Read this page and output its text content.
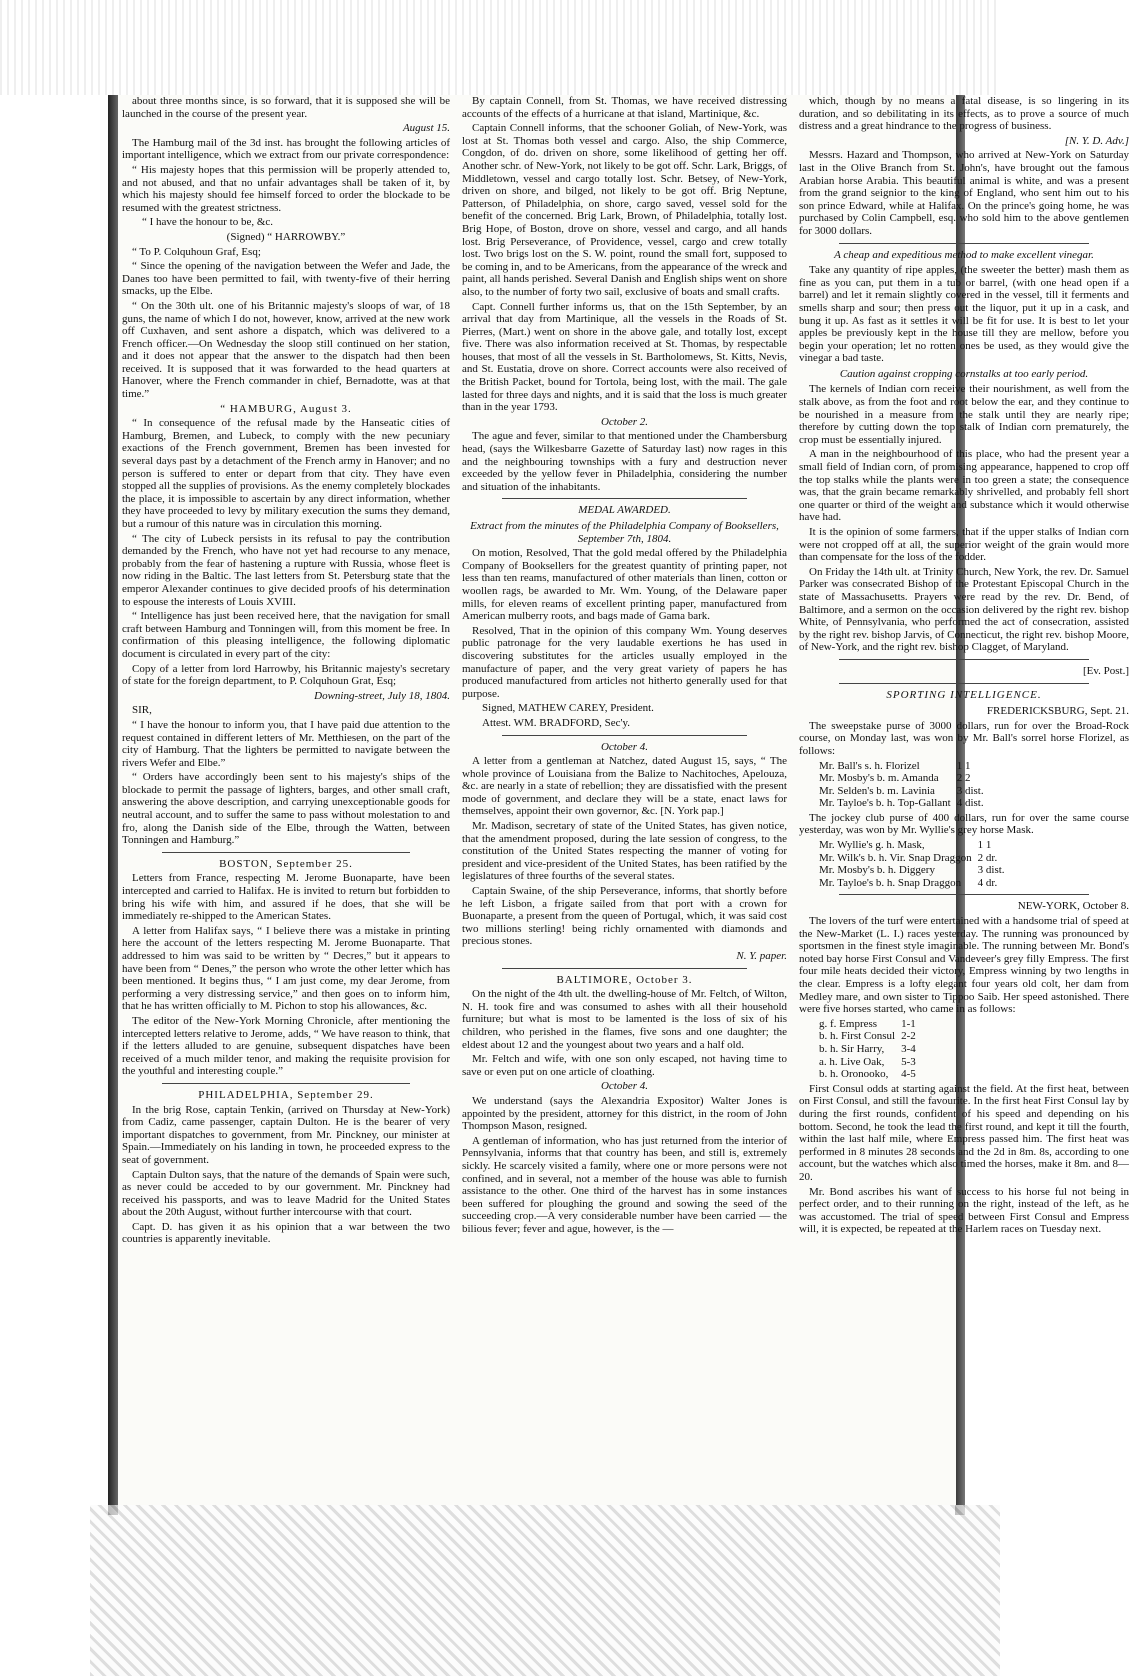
about three months since, is so forward, that it is supposed she will be launched in the course of the present year.

August 15.

The Hamburg mail of the 3d inst. has brought the following articles of important intelligence, which we extract from our private correspondence:

“ His majesty hopes that this permission will be properly attended to, and not abused, and that no unfair advantages shall be taken of it, by which his majesty should fee himself forced to order the blockade to be resumed with the greatest strictness.

“ I have the honour to be, &c.

(Signed) “ HARROWBY.”

“ To P. Colquhoun Graf, Esq;

“ Since the opening of the navigation between the Wefer and Jade, the Danes too have been permitted to fail, with twenty-five of their herring smacks, up the Elbe.

“ On the 30th ult. one of his Britannic majesty's sloops of war, of 18 guns, the name of which I do not, however, know, arrived at the new work off Cuxhaven, and sent ashore a dispatch, which was delivered to a French officer.—On Wednesday the sloop still continued on her station, and it does not appear that the answer to the dispatch had then been received. It is supposed that it was forwarded to the head quarters at Hanover, where the French commander in chief, Bernadotte, was at that time.”

“ HAMBURG, August 3.

“ In consequence of the refusal made by the Hanseatic cities of Hamburg, Bremen, and Lubeck, to comply with the new pecuniary exactions of the French government, Bremen has been invested for several days past by a detachment of the French army in Hanover; and no person is suffered to enter or depart from that city. They have even stopped all the supplies of provisions. As the enemy completely blockades the place, it is impossible to ascertain by any direct information, whether they have proceeded to levy by military execution the sums they demand, but a rumour of this nature was in circulation this morning.

“ The city of Lubeck persists in its refusal to pay the contribution demanded by the French, who have not yet had recourse to any menace, probably from the fear of hastening a rupture with Russia, whose fleet is now riding in the Baltic. The last letters from St. Petersburg state that the emperor Alexander continues to give decided proofs of his determination to espouse the interests of Louis XVIII.

“ Intelligence has just been received here, that the navigation for small craft between Hamburg and Tonningen will, from this moment be free. In confirmation of this pleasing intelligence, the following diplomatic document is circulated in every part of the city:

Copy of a letter from lord Harrowby, his Britannic majesty's secretary of state for the foreign department, to P. Colquhoun Grat, Esq;

Downing-street, July 18, 1804.

SIR,

“ I have the honour to inform you, that I have paid due attention to the request contained in different letters of Mr. Metthiesen, on the part of the city of Hamburg. That the lighters be permitted to navigate between the rivers Wefer and Elbe.”

“ Orders have accordingly been sent to his majesty's ships of the blockade to permit the passage of lighters, barges, and other small craft, answering the above description, and carrying unexceptionable goods for neutral account, and to suffer the same to pass without molestation to and fro, along the Danish side of the Elbe, through the Watten, between Tonningen and Hamburg.”

BOSTON, September 25.

Letters from France, respecting M. Jerome Buonaparte, have been intercepted and carried to Halifax. He is invited to return but forbidden to bring his wife with him, and assured if he does, that she will be immediately re-shipped to the American States.

A letter from Halifax says, “ I believe there was a mistake in printing here the account of the letters respecting M. Jerome Buonaparte. That addressed to him was said to be written by “ Decres,” but it appears to have been from “ Denes,” the person who wrote the other letter which has been mentioned. It begins thus, “ I am just come, my dear Jerome, from performing a very distressing service,” and then goes on to inform him, that he has written officially to M. Pichon to stop his allowances, &c.

The editor of the New-York Morning Chronicle, after mentioning the intercepted letters relative to Jerome, adds, “ We have reason to think, that if the letters alluded to are genuine, subsequent dispatches have been received of a much milder tenor, and making the requisite provision for the youthful and interesting couple.”

PHILADELPHIA, September 29.

In the brig Rose, captain Tenkin, (arrived on Thursday at New-York) from Cadiz, came passenger, captain Dulton. He is the bearer of very important dispatches to government, from Mr. Pinckney, our minister at Spain.—Immediately on his landing in town, he proceeded express to the seat of government.

Captain Dulton says, that the nature of the demands of Spain were such, as never could be acceded to by our government. Mr. Pinckney had received his passports, and was to leave Madrid for the United States about the 20th August, without further intercourse with that court.

Capt. D. has given it as his opinion that a war between the two countries is apparently inevitable.

By captain Connell, from St. Thomas, we have received distressing accounts of the effects of a hurricane at that island, Martinique, &c.

Captain Connell informs, that the schooner Goliah, of New-York, was lost at St. Thomas both vessel and cargo. Also, the ship Commerce, Congdon, of do. driven on shore, some likelihood of getting her off. Another schr. of New-York, not likely to be got off. Schr. Lark, Briggs, of Middletown, vessel and cargo totally lost. Schr. Betsey, of New-York, driven on shore, and bilged, not likely to be got off. Brig Neptune, Patterson, of Philadelphia, on shore, cargo saved, vessel sold for the benefit of the concerned. Brig Lark, Brown, of Philadelphia, totally lost. Brig Hope, of Boston, drove on shore, vessel and cargo, and all hands lost. Brig Perseverance, of Providence, vessel, cargo and crew totally lost. Two brigs lost on the S. W. point, round the small fort, supposed to be coming in, and to be Americans, from the appearance of the wreck and paint, all hands perished. Several Danish and English ships went on shore also, to the number of forty two sail, exclusive of boats and small crafts.

Capt. Connell further informs us, that on the 15th September, by an arrival that day from Martinique, all the vessels in the Roads of St. Pierres, (Mart.) went on shore in the above gale, and totally lost, except five. There was also information received at St. Thomas, by respectable houses, that most of all the vessels in St. Bartholomews, St. Kitts, Nevis, and St. Eustatia, drove on shore. Correct accounts were also received of the British Packet, bound for Tortola, being lost, with the mail. The gale lasted for three days and nights, and it is said that the loss is much greater than in the year 1793.

October 2.

The ague and fever, similar to that mentioned under the Chambersburg head, (says the Wilkesbarre Gazette of Saturday last) now rages in this and the neighbouring townships with a fury and destruction never exceeded by the yellow fever in Philadelphia, considering the number and situation of the inhabitants.

MEDAL AWARDED.

Extract from the minutes of the Philadelphia Company of Booksellers, September 7th, 1804.

On motion, Resolved, That the gold medal offered by the Philadelphia Company of Booksellers for the greatest quantity of printing paper, not less than ten reams, manufactured of other materials than linen, cotton or woollen rags, be awarded to Mr. Wm. Young, of the Delaware paper mills, for eleven reams of excellent printing paper, manufactured from American mulberry roots, and bags made of Gama bark.

Resolved, That in the opinion of this company Wm. Young deserves public patronage for the very laudable exertions he has used in discovering substitutes for the articles usually employed in the manufacture of paper, and the very great variety of papers he has produced manufactured from articles not hitherto generally used for that purpose.

Signed, MATHEW CAREY, President.

Attest. WM. BRADFORD, Sec'y.

October 4.

A letter from a gentleman at Natchez, dated August 15, says, “ The whole province of Louisiana from the Balize to Nachitoches, Apelouza, &c. are nearly in a state of rebellion; they are dissatisfied with the present mode of government, and declare they will be a state, enact laws for themselves, appoint their own governor, &c. [N. York pap.]

Mr. Madison, secretary of state of the United States, has given notice, that the amendment proposed, during the late session of congress, to the constitution of the United States respecting the manner of voting for president and vice-president of the United States, has been ratified by the legislatures of three fourths of the several states.

Captain Swaine, of the ship Perseverance, informs, that shortly before he left Lisbon, a frigate sailed from that port with a crown for Buonaparte, a present from the queen of Portugal, which, it was said cost two millions sterling! being richly ornamented with diamonds and precious stones.

N. Y. paper.

BALTIMORE, October 3.

On the night of the 4th ult. the dwelling-house of Mr. Feltch, of Wilton, N. H. took fire and was consumed to ashes with all their household furniture; but what is most to be lamented is the loss of six of his children, who perished in the flames, five sons and one daughter; the eldest about 12 and the youngest about two years and a half old.

Mr. Feltch and wife, with one son only escaped, not having time to save or even put on one article of cloathing.

October 4.

We understand (says the Alexandria Expositor) Walter Jones is appointed by the president, attorney for this district, in the room of John Thompson Mason, resigned.

A gentleman of information, who has just returned from the interior of Pennsylvania, informs that that country has been, and still is, extremely sickly. He scarcely visited a family, where one or more persons were not confined, and in several, not a member of the house was able to furnish assistance to the other. One third of the harvest has in some instances been suffered for ploughing the ground and sowing the seed of the succeeding crop.—A very considerable number have been carried — the bilious fever; fever and ague, however, is the —

which, though by no means a fatal disease, is so lingering in its duration, and so debilitating in its effects, as to prove a source of much distress and a great hindrance to the progress of business.

[N. Y. D. Adv.]

Messrs. Hazard and Thompson, who arrived at New-York on Saturday last in the Olive Branch from St. John's, have brought out the famous Arabian horse Arabia. This beautiful animal is white, and was a present from the grand seignior to the king of England, who sent him out to his son prince Edward, while at Halifax. On the prince's going home, he was purchased by Colin Campbell, esq. who sold him to the above gentlemen for 3000 dollars.

A cheap and expeditious method to make excellent vinegar.

Take any quantity of ripe apples, (the sweeter the better) mash them as fine as you can, put them in a tub or barrel, (with one head open if a barrel) and let it remain slightly covered in the vessel, till it ferments and smells sharp and sour; then press out the liquor, put it up in a cask, and bung it up. As fast as it settles it will be fit for use. It is best to let your apples be previously kept in the house till they are mellow, before you begin your operation; let no rotten ones be used, as they would give the vinegar a bad taste.

Caution against cropping cornstalks at too early period.

The kernels of Indian corn receive their nourishment, as well from the stalk above, as from the foot and root below the ear, and they continue to be nourished in a measure from the stalk until they are nearly ripe; therefore by cutting down the top stalk of Indian corn prematurely, the crop must be essentially injured.

A man in the neighbourhood of this place, who had the present year a small field of Indian corn, of promising appearance, happened to crop off the top stalks while the plants were in too green a state; the consequence was, that the grain became remarkably shrivelled, and probably fell short one quarter or third of the weight and substance which it would otherwise have had.

It is the opinion of some farmers, that if the upper stalks of Indian corn were not cropped off at all, the superior weight of the grain would more than compensate for the loss of the fodder.

On Friday the 14th ult. at Trinity Church, New York, the rev. Dr. Samuel Parker was consecrated Bishop of the Protestant Episcopal Church in the state of Massachusetts. Prayers were read by the rev. Dr. Bend, of Baltimore, and a sermon on the occasion delivered by the right rev. bishop White, of Pennsylvania, who performed the act of consecration, assisted by the right rev. bishop Jarvis, of Connecticut, the right rev. bishop Moore, of New-York, and the right rev. bishop Clagget, of Maryland.

[Ev. Post.]

SPORTING INTELLIGENCE.

FREDERICKSBURG, Sept. 21.

The sweepstake purse of 3000 dollars, run for over the Broad-Rock course, on Monday last, was won by Mr. Ball's sorrel horse Florizel, as follows:

Mr. Ball's s. h. Florizel	1 1
Mr. Mosby's b. m. Amanda	2 2
Mr. Selden's b. m. Lavinia	3 dist.
Mr. Tayloe's b. h. Top-Gallant	4 dist.

The jockey club purse of 400 dollars, run for over the same course yesterday, was won by Mr. Wyllie's grey horse Mask.

Mr. Wyllie's g. h. Mask,	1 1
Mr. Wilk's b. h. Vir. Snap Draggon	2 dr.
Mr. Mosby's b. h. Diggery	3 dist.
Mr. Tayloe's b. h. Snap Draggon	4 dr.

NEW-YORK, October 8.

The lovers of the turf were entertained with a handsome trial of speed at the New-Market (L. I.) races yesterday. The running was pronounced by sportsmen in the finest style imaginable. The running between Mr. Bond's noted bay horse First Consul and Vandeveer's grey filly Empress. The first four mile heats decided their victory, Empress winning by two lengths in the clear. Empress is a lofty elegant four years old colt, her dam from Medley mare, and own sister to Tippoo Saib. Her speed astonished. There were five horses started, who came in as follows:

g. f. Empress	1-1
b. h. First Consul	2-2
b. h. Sir Harry,	3-4
a. h. Live Oak,	5-3
b. h. Oronooko,	4-5

First Consul odds at starting against the field. At the first heat, between on First Consul, and still the favourite. In the first heat First Consul lay by during the first rounds, confident of his speed and depending on his bottom. Second, he took the lead the first round, and kept it till the fourth, within the last half mile, where Empress passed him. The first heat was performed in 8 minutes 28 seconds and the 2d in 8m. 8s, according to one account, but the watches which also timed the horses, make it 8m. and 8—20.

Mr. Bond ascribes his want of success to his horse ful not being in perfect order, and to their running on the right, instead of the left, as he was accustomed. The trial of speed between First Consul and Empress will, it is expected, be repeated at the Harlem races on Tuesday next.
